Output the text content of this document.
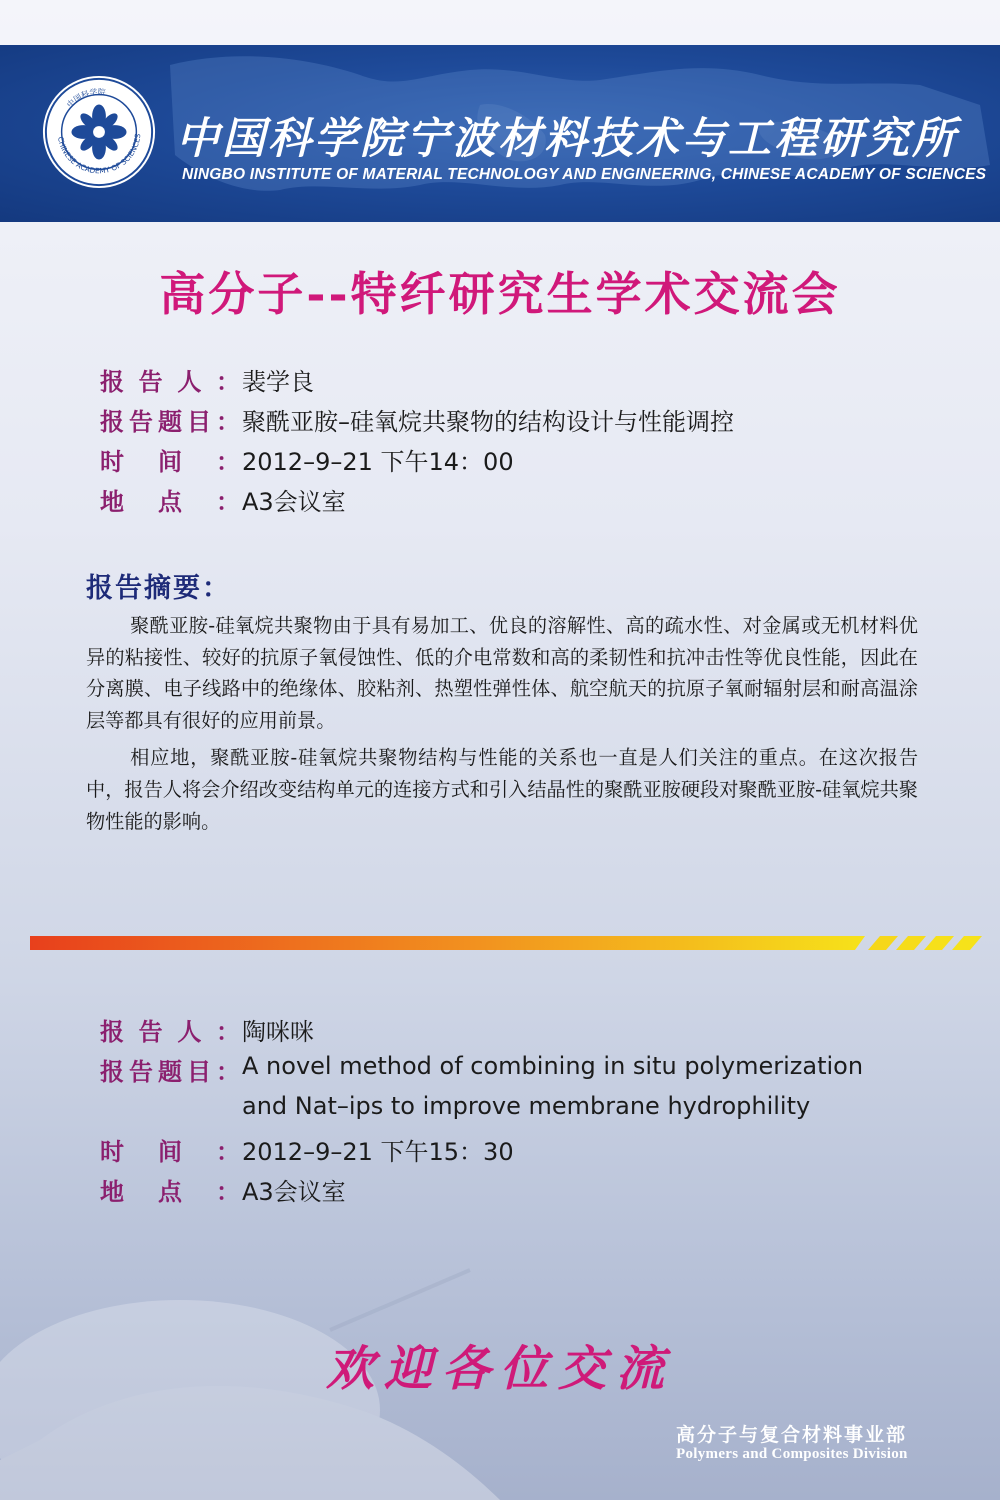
CHINESE ACADEMY OF SCIENCES
中国科学院
中国科学院宁波材料技术与工程研究所
NINGBO INSTITUTE OF MATERIAL TECHNOLOGY AND ENGINEERING, CHINESE ACADEMY OF SCIENCES
高分子--特纤研究生学术交流会
报告人： 裴学良
报告题目： 聚酰亚胺–硅氧烷共聚物的结构设计与性能调控
时间： 2012–9–21 下午14：00
地点： A3会议室
报告摘要：

聚酰亚胺-硅氧烷共聚物由于具有易加工、优良的溶解性、高的疏水性、对金属或无机材料优异的粘接性、较好的抗原子氧侵蚀性、低的介电常数和高的柔韧性和抗冲击性等优良性能，因此在分离膜、电子线路中的绝缘体、胶粘剂、热塑性弹性体、航空航天的抗原子氧耐辐射层和耐高温涂层等都具有很好的应用前景。

相应地，聚酰亚胺-硅氧烷共聚物结构与性能的关系也一直是人们关注的重点。在这次报告中，报告人将会介绍改变结构单元的连接方式和引入结晶性的聚酰亚胺硬段对聚酰亚胺-硅氧烷共聚物性能的影响。

报告人： 陶咪咪
报告题目： A novel method of combining in situ polymerization
and Nat–ips to improve membrane hydrophility
时间： 2012–9–21 下午15：30
地点： A3会议室
欢迎各位交流
高分子与复合材料事业部
Polymers and Composites Division
